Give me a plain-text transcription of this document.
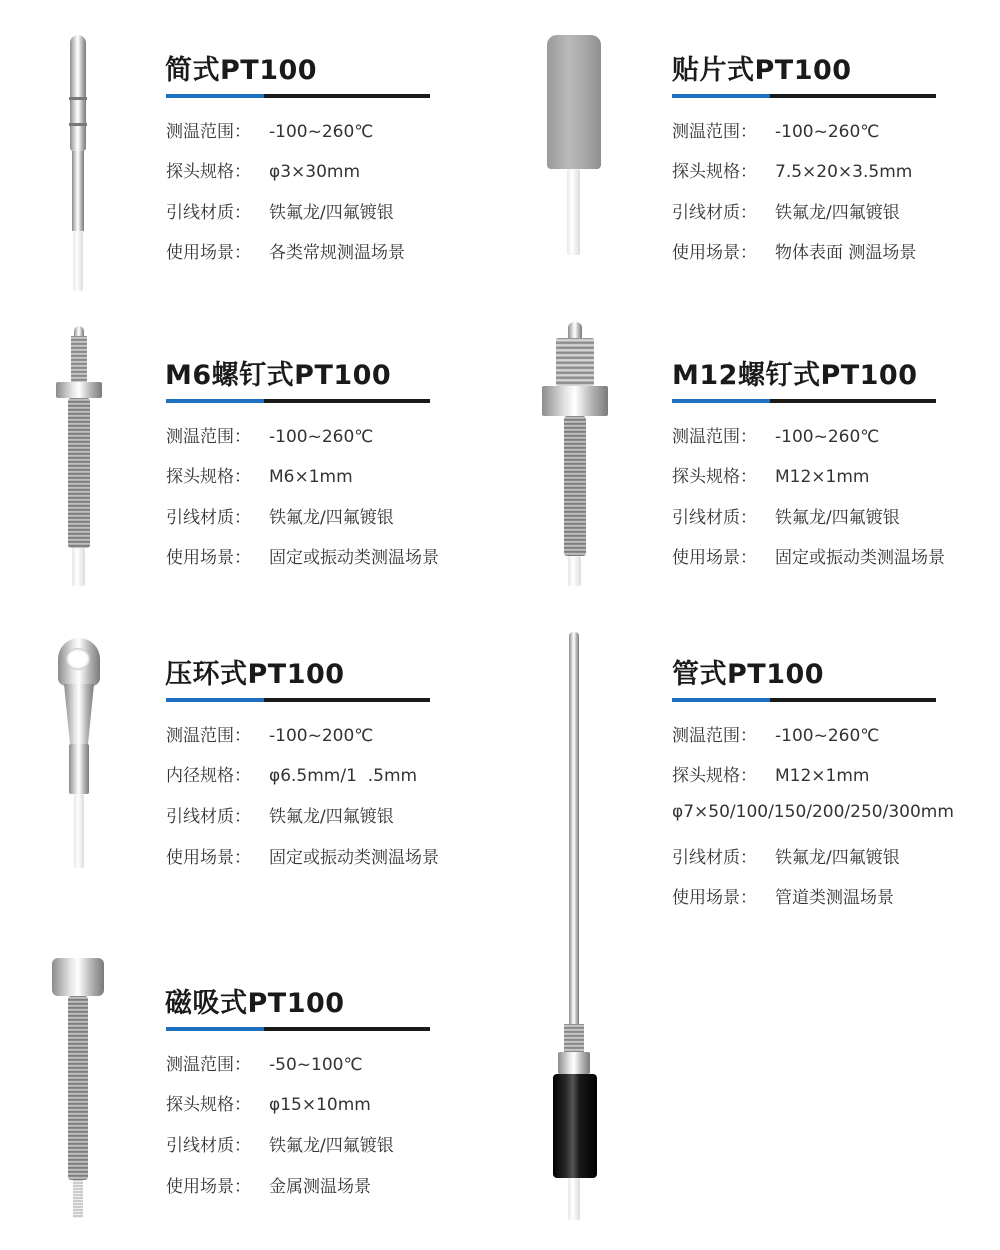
简式PT100
测温范围： -100~260℃
探头规格： φ3×30mm
引线材质： 铁氟龙/四氟镀银
使用场景： 各类常规测温场景
贴片式PT100
测温范围： -100~260℃
探头规格： 7.5×20×3.5mm
引线材质： 铁氟龙/四氟镀银
使用场景： 物体表面 测温场景
M6螺钉式PT100
测温范围： -100~260℃
探头规格： M6×1mm
引线材质： 铁氟龙/四氟镀银
使用场景： 固定或振动类测温场景
M12螺钉式PT100
测温范围： -100~260℃
探头规格： M12×1mm
引线材质： 铁氟龙/四氟镀银
使用场景： 固定或振动类测温场景
压环式PT100
测温范围： -100~200℃
内径规格： φ6.5mm/1  .5mm
引线材质： 铁氟龙/四氟镀银
使用场景： 固定或振动类测温场景
管式PT100
测温范围： -100~260℃
探头规格： M12×1mm
φ7×50/100/150/200/250/300mm
引线材质： 铁氟龙/四氟镀银
使用场景： 管道类测温场景
磁吸式PT100
测温范围： -50~100℃
探头规格： φ15×10mm
引线材质： 铁氟龙/四氟镀银
使用场景： 金属测温场景
